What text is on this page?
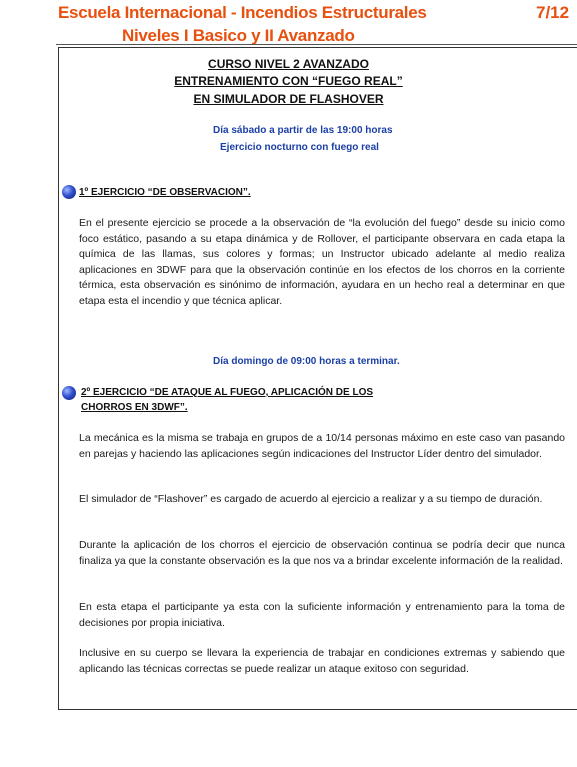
Escuela Internacional - Incendios Estructurales	7/12
Niveles I Basico y II Avanzado
CURSO NIVEL 2 AVANZADO
ENTRENAMIENTO CON “FUEGO REAL”
EN SIMULADOR DE FLASHOVER
Día sábado a partir de las 19:00 horas
Ejercicio nocturno con fuego real
1º EJERCICIO “DE OBSERVACION”.

En el presente ejercicio se procede a la observación de “la evolución del fuego” desde su inicio como foco estático, pasando a su etapa dinámica y de Rollover, el participante observara en cada etapa la química de las llamas, sus colores y formas; un Instructor ubicado adelante al medio realiza aplicaciones en 3DWF para que la observación continúe en los efectos de los chorros en la corriente térmica, esta observación es sinónimo de información, ayudara en un hecho real a determinar en que etapa esta el incendio y que técnica aplicar.

Día domingo de 09:00 horas a terminar.
2º EJERCICIO “DE ATAQUE AL FUEGO, APLICACIÓN DE LOS
CHORROS EN 3DWF”.

La mecánica es la misma se trabaja en grupos de a 10/14 personas máximo en este caso van pasando en parejas y haciendo las aplicaciones según indicaciones del Instructor Líder dentro del simulador.

El simulador de “Flashover” es cargado de acuerdo al ejercicio a realizar y a su tiempo de duración.

Durante la aplicación de los chorros el ejercicio de observación continua se podría decir que nunca finaliza ya que la constante observación es la que nos va a brindar excelente información de la realidad.

En esta etapa el participante ya esta con la suficiente información y entrenamiento para la toma de decisiones por propia iniciativa.

Inclusive en su cuerpo se llevara la experiencia de trabajar en condiciones extremas y sabiendo que aplicando las técnicas correctas se puede realizar un ataque exitoso con seguridad.
